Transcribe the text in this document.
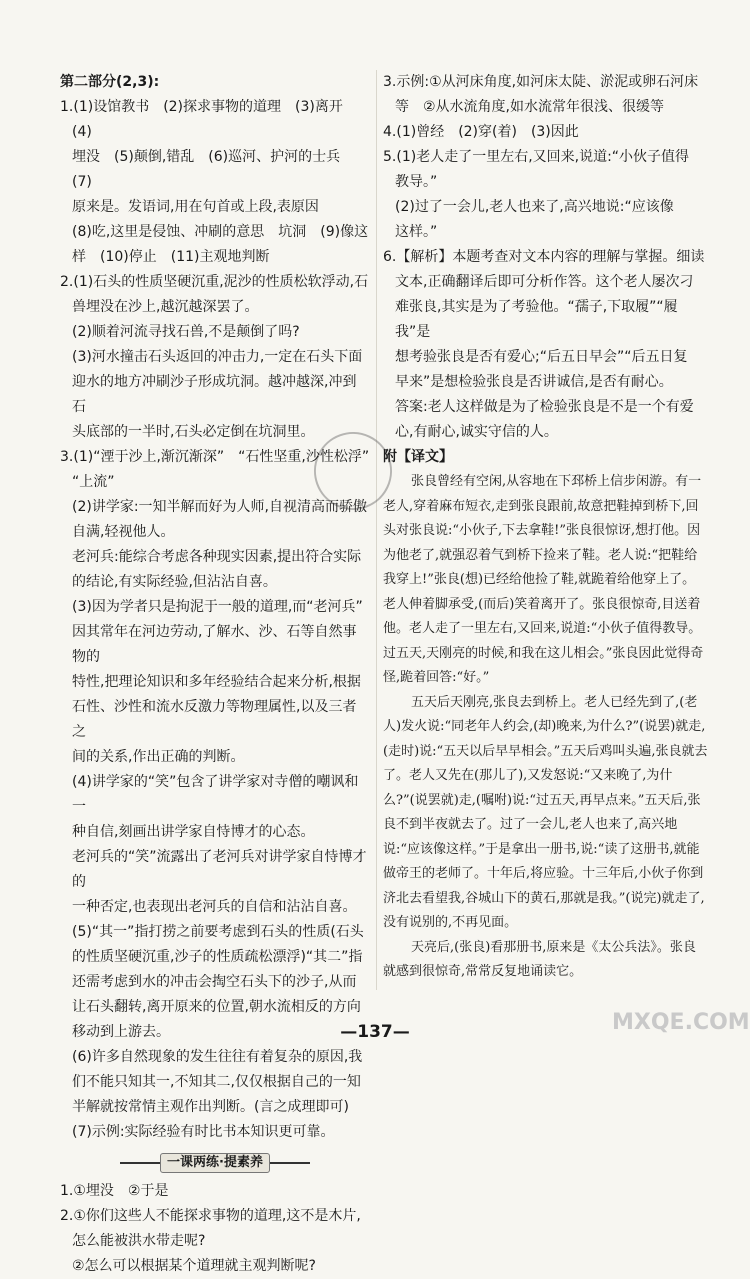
第二部分(2,3):

1.(1)设馆教书　(2)探求事物的道理　(3)离开　(4)

埋没　(5)颠倒,错乱　(6)巡河、护河的士兵　(7)

原来是。发语词,用在句首或上段,表原因

(8)吃,这里是侵蚀、冲刷的意思　坑洞　(9)像这

样　(10)停止　(11)主观地判断

2.(1)石头的性质坚硬沉重,泥沙的性质松软浮动,石

兽埋没在沙上,越沉越深罢了。

(2)顺着河流寻找石兽,不是颠倒了吗?

(3)河水撞击石头返回的冲击力,一定在石头下面

迎水的地方冲刷沙子形成坑洞。越冲越深,冲到石

头底部的一半时,石头必定倒在坑洞里。

3.(1)“湮于沙上,渐沉渐深”　“石性坚重,沙性松浮”

“上流”

(2)讲学家:一知半解而好为人师,自视清高而骄傲

自满,轻视他人。

老河兵:能综合考虑各种现实因素,提出符合实际

的结论,有实际经验,但沾沾自喜。

(3)因为学者只是拘泥于一般的道理,而“老河兵”

因其常年在河边劳动,了解水、沙、石等自然事物的

特性,把理论知识和多年经验结合起来分析,根据

石性、沙性和流水反激力等物理属性,以及三者之

间的关系,作出正确的判断。

(4)讲学家的“笑”包含了讲学家对寺僧的嘲讽和一

种自信,刻画出讲学家自恃博才的心态。

老河兵的“笑”流露出了老河兵对讲学家自恃博才的

一种否定,也表现出老河兵的自信和沾沾自喜。

(5)“其一”指打捞之前要考虑到石头的性质(石头

的性质坚硬沉重,沙子的性质疏松漂浮)“其二”指

还需考虑到水的冲击会掏空石头下的沙子,从而

让石头翻转,离开原来的位置,朝水流相反的方向

移动到上游去。

(6)许多自然现象的发生往往有着复杂的原因,我

们不能只知其一,不知其二,仅仅根据自己的一知

半解就按常情主观作出判断。(言之成理即可)

(7)示例:实际经验有时比书本知识更可靠。

一课两练·提素养

1.①埋没　②于是

2.①你们这些人不能探求事物的道理,这不是木片,

怎么能被洪水带走呢?

②怎么可以根据某个道理就主观判断呢?

3.示例:①从河床角度,如河床太陡、淤泥或卵石河床

等　②从水流角度,如水流常年很浅、很缓等

4.(1)曾经　(2)穿(着)　(3)因此

5.(1)老人走了一里左右,又回来,说道:“小伙子值得

教导。”

(2)过了一会儿,老人也来了,高兴地说:“应该像

这样。”

6.【解析】本题考查对文本内容的理解与掌握。细读

文本,正确翻译后即可分析作答。这个老人屡次刁

难张良,其实是为了考验他。“孺子,下取履”“履我”是

想考验张良是否有爱心;“后五日早会”“后五日复

早来”是想检验张良是否讲诚信,是否有耐心。

答案:老人这样做是为了检验张良是不是一个有爱

心,有耐心,诚实守信的人。

附【译文】

张良曾经有空闲,从容地在下邳桥上信步闲游。有一老人,穿着麻布短衣,走到张良跟前,故意把鞋掉到桥下,回头对张良说:“小伙子,下去拿鞋!”张良很惊讶,想打他。因为他老了,就强忍着气到桥下捡来了鞋。老人说:“把鞋给我穿上!”张良(想)已经给他捡了鞋,就跪着给他穿上了。老人伸着脚承受,(而后)笑着离开了。张良很惊奇,目送着他。老人走了一里左右,又回来,说道:“小伙子值得教导。过五天,天刚亮的时候,和我在这儿相会。”张良因此觉得奇怪,跪着回答:“好。”

五天后天刚亮,张良去到桥上。老人已经先到了,(老人)发火说:“同老年人约会,(却)晚来,为什么?”(说罢)就走,(走时)说:“五天以后早早相会。”五天后鸡叫头遍,张良就去了。老人又先在(那儿了),又发怒说:“又来晚了,为什么?”(说罢就)走,(嘱咐)说:“过五天,再早点来。”五天后,张良不到半夜就去了。过了一会儿,老人也来了,高兴地说:“应该像这样。”于是拿出一册书,说:“读了这册书,就能做帝王的老师了。十年后,将应验。十三年后,小伙子你到济北去看望我,谷城山下的黄石,那就是我。”(说完)就走了,没有说别的,不再见面。

天亮后,(张良)看那册书,原来是《太公兵法》。张良就感到很惊奇,常常反复地诵读它。

—137—	MXQE.COM
